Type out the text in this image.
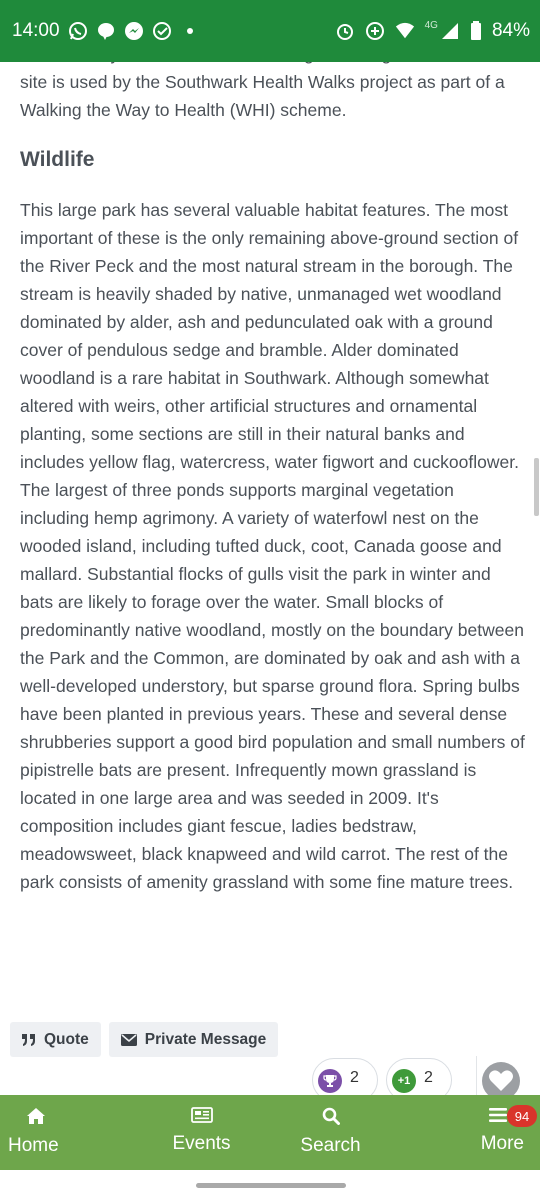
14:00	4G	84%

site is used by the Southwark Health Walks project as part of a Walking the Way to Health (WHI) scheme.

Wildlife

This large park has several valuable habitat features. The most important of these is the only remaining above-ground section of the River Peck and the most natural stream in the borough. The stream is heavily shaded by native, unmanaged wet woodland dominated by alder, ash and pedunculated oak with a ground cover of pendulous sedge and bramble. Alder dominated woodland is a rare habitat in Southwark. Although somewhat altered with weirs, other artificial structures and ornamental planting, some sections are still in their natural banks and includes yellow flag, watercress, water figwort and cuckooflower. The largest of three ponds supports marginal vegetation including hemp agrimony. A variety of waterfowl nest on the wooded island, including tufted duck, coot, Canada goose and mallard. Substantial flocks of gulls visit the park in winter and bats are likely to forage over the water. Small blocks of predominantly native woodland, mostly on the boundary between the Park and the Common, are dominated by oak and ash with a well-developed understory, but sparse ground flora. Spring bulbs have been planted in previous years. These and several dense shrubberies support a good bird population and small numbers of pipistrelle bats are present. Infrequently mown grassland is located in one large area and was seeded in 2009. It's composition includes giant fescue, ladies bedstraw, meadowsweet, black knapweed and wild carrot. The rest of the park consists of amenity grassland with some fine mature trees.

Quote	Private Message
2	+1 2
Home	Events	Search	More
94
